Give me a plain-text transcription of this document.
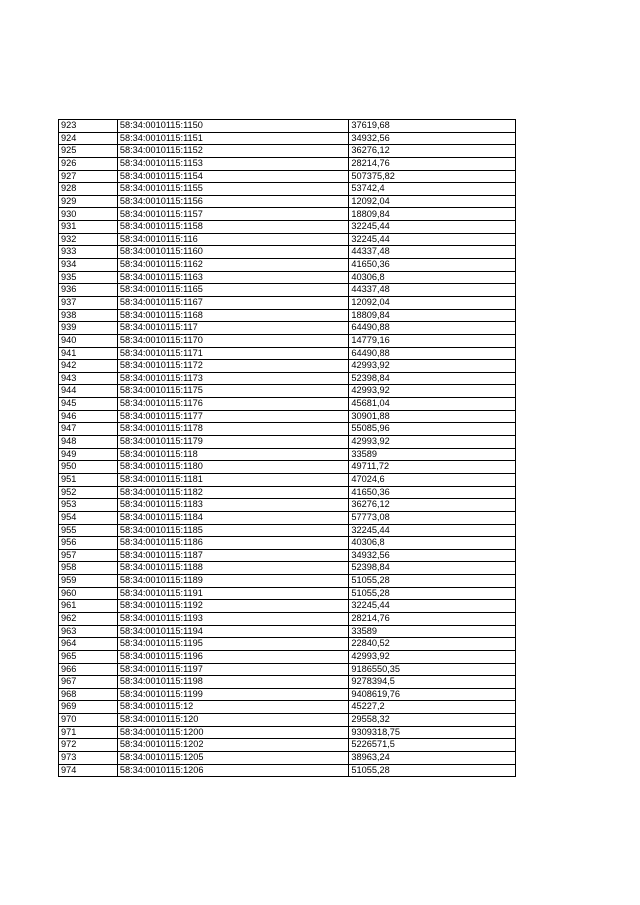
923	58:34:0010115:1150	37619,68
924	58:34:0010115:1151	34932,56
925	58:34:0010115:1152	36276,12
926	58:34:0010115:1153	28214,76
927	58:34:0010115:1154	507375,82
928	58:34:0010115:1155	53742,4
929	58:34:0010115:1156	12092,04
930	58:34:0010115:1157	18809,84
931	58:34:0010115:1158	32245,44
932	58:34:0010115:116	32245,44
933	58:34:0010115:1160	44337,48
934	58:34:0010115:1162	41650,36
935	58:34:0010115:1163	40306,8
936	58:34:0010115:1165	44337,48
937	58:34:0010115:1167	12092,04
938	58:34:0010115:1168	18809,84
939	58:34:0010115:117	64490,88
940	58:34:0010115:1170	14779,16
941	58:34:0010115:1171	64490,88
942	58:34:0010115:1172	42993,92
943	58:34:0010115:1173	52398,84
944	58:34:0010115:1175	42993,92
945	58:34:0010115:1176	45681,04
946	58:34:0010115:1177	30901,88
947	58:34:0010115:1178	55085,96
948	58:34:0010115:1179	42993,92
949	58:34:0010115:118	33589
950	58:34:0010115:1180	49711,72
951	58:34:0010115:1181	47024,6
952	58:34:0010115:1182	41650,36
953	58:34:0010115:1183	36276,12
954	58:34:0010115:1184	57773,08
955	58:34:0010115:1185	32245,44
956	58:34:0010115:1186	40306,8
957	58:34:0010115:1187	34932,56
958	58:34:0010115:1188	52398,84
959	58:34:0010115:1189	51055,28
960	58:34:0010115:1191	51055,28
961	58:34:0010115:1192	32245,44
962	58:34:0010115:1193	28214,76
963	58:34:0010115:1194	33589
964	58:34:0010115:1195	22840,52
965	58:34:0010115:1196	42993,92
966	58:34:0010115:1197	9186550,35
967	58:34:0010115:1198	9278394,5
968	58:34:0010115:1199	9408619,76
969	58:34:0010115:12	45227,2
970	58:34:0010115:120	29558,32
971	58:34:0010115:1200	9309318,75
972	58:34:0010115:1202	5226571,5
973	58:34:0010115:1205	38963,24
974	58:34:0010115:1206	51055,28
